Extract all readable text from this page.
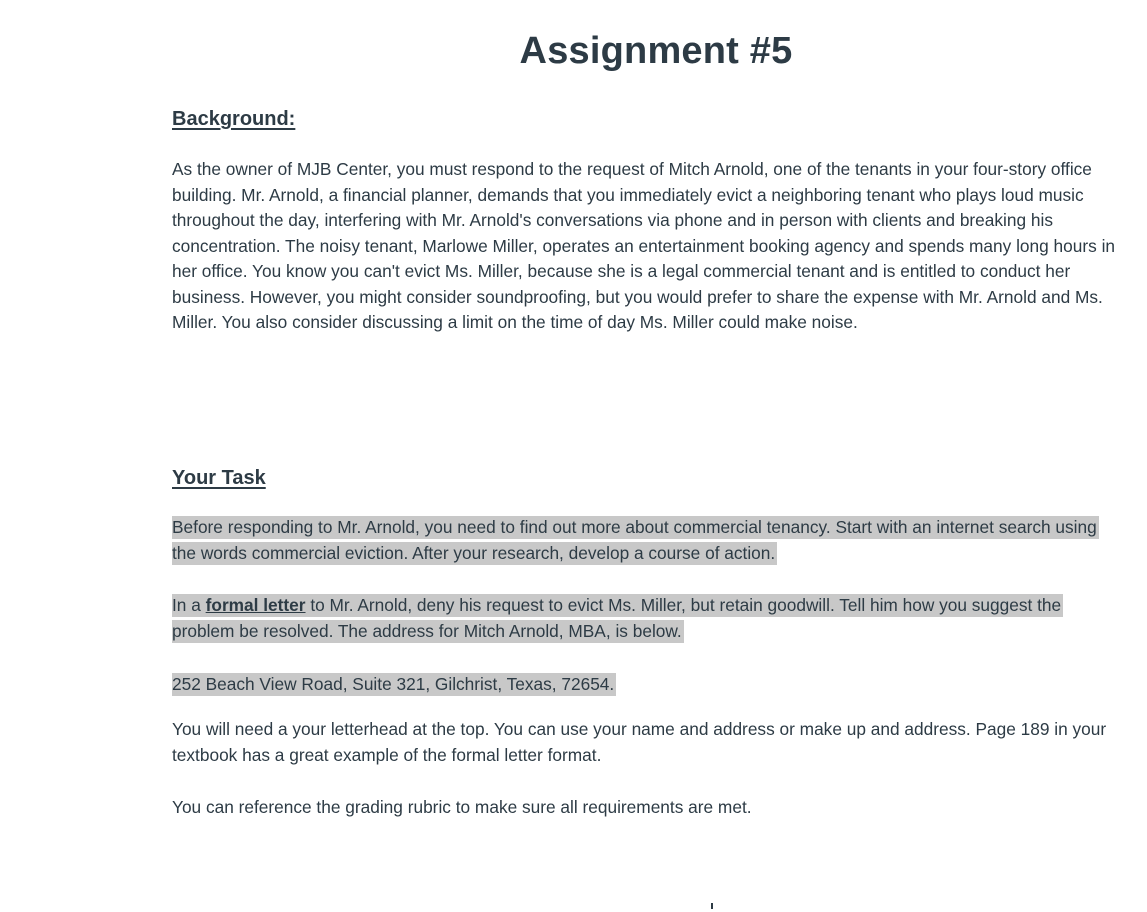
Assignment #5
Background:

As the owner of MJB Center, you must respond to the request of Mitch Arnold, one of the tenants in your four-story office building. Mr. Arnold, a financial planner, demands that you immediately evict a neighboring tenant who plays loud music throughout the day, interfering with Mr. Arnold's conversations via phone and in person with clients and breaking his concentration. The noisy tenant, Marlowe Miller, operates an entertainment booking agency and spends many long hours in her office. You know you can't evict Ms. Miller, because she is a legal commercial tenant and is entitled to conduct her business. However, you might consider soundproofing, but you would prefer to share the expense with Mr. Arnold and Ms. Miller. You also consider discussing a limit on the time of day Ms. Miller could make noise.

Your Task

Before responding to Mr. Arnold, you need to find out more about commercial tenancy. Start with an internet search using the words commercial eviction. After your research, develop a course of action.

In a formal letter to Mr. Arnold, deny his request to evict Ms. Miller, but retain goodwill. Tell him how you suggest the problem be resolved. The address for Mitch Arnold, MBA, is below.

252 Beach View Road, Suite 321, Gilchrist, Texas, 72654.

You will need a your letterhead at the top. You can use your name and address or make up and address. Page 189 in your textbook has a great example of the formal letter format.

You can reference the grading rubric to make sure all requirements are met.
